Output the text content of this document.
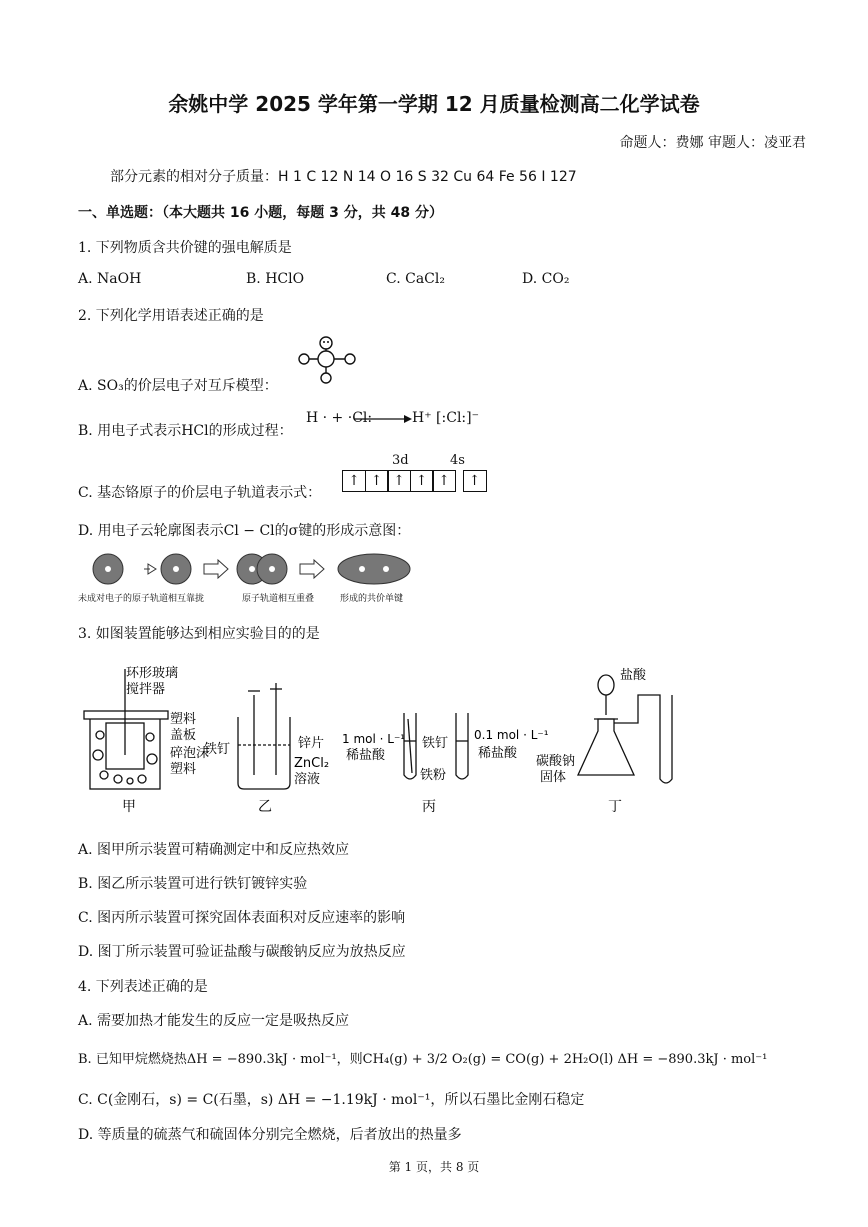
余姚中学 2025 学年第一学期 12 月质量检测高二化学试卷
命题人：费娜 审题人：凌亚君
部分元素的相对分子质量：H 1 C 12 N 14 O 16 S 32 Cu 64 Fe 56 I 127
一、单选题：（本大题共 16 小题，每题 3 分，共 48 分）
1. 下列物质含共价键的强电解质是
A. NaOH	B. HClO	C. CaCl₂	D. CO₂
2. 下列化学用语表述正确的是
A. SO₃的价层电子对互斥模型：
B. 用电子式表示HCl的形成过程：
H · + ·Cl:	H⁺ [:Cl:]⁻
3d	4s
↑ ↑ ↑ ↑ ↑ ↑
C. 基态铬原子的价层电子轨道表示式：
D. 用电子云轮廓图表示Cl − Cl的σ键的形成示意图：
未成对电子的原子轨道相互靠拢	原子轨道相互重叠	形成的共价单键
3. 如图装置能够达到相应实验目的的是
环形玻璃
搅拌器
塑料
盖板
碎泡沫
塑料
甲
铁钉	锌片
ZnCl₂
溶液
乙
1 mol · L⁻¹
稀盐酸
铁钉
铁粉
0.1 mol · L⁻¹
稀盐酸
丙
盐酸
碳酸钠
固体
丁
A. 图甲所示装置可精确测定中和反应热效应
B. 图乙所示装置可进行铁钉镀锌实验
C. 图丙所示装置可探究固体表面积对反应速率的影响
D. 图丁所示装置可验证盐酸与碳酸钠反应为放热反应
4. 下列表述正确的是
A. 需要加热才能发生的反应一定是吸热反应
B. 已知甲烷燃烧热ΔH = −890.3kJ · mol⁻¹，则CH₄(g) + 3/2 O₂(g) = CO(g) + 2H₂O(l) ΔH = −890.3kJ · mol⁻¹
C. C(金刚石，s) = C(石墨，s) ΔH = −1.19kJ · mol⁻¹，所以石墨比金刚石稳定
D. 等质量的硫蒸气和硫固体分别完全燃烧，后者放出的热量多
第 1 页，共 8 页
